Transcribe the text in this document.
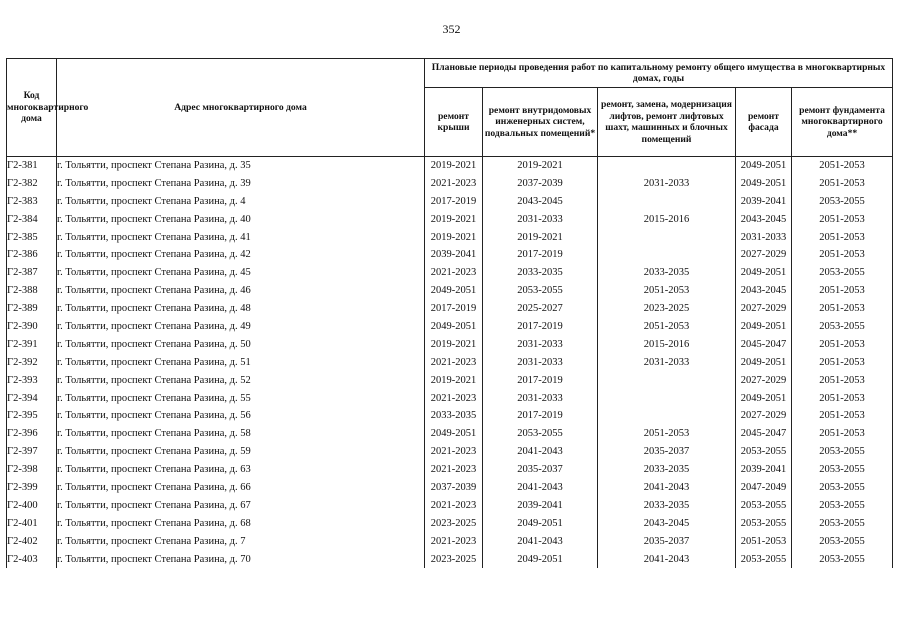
352
Код многоквартирного дома	Адрес многоквартирного дома	Плановые периоды проведения работ по капитальному ремонту общего имущества в многоквартирных домах, годы				
		ремонт крыши	ремонт внутридомовых инженерных систем, подвальных помещений*	ремонт, замена, модернизация лифтов, ремонт лифтовых шахт, машинных и блочных помещений	ремонт фасада	ремонт фундамента многоквартирного дома**
Г2-381	г. Тольятти, проспект Степана Разина, д. 35	2019-2021	2019-2021		2049-2051	2051-2053
Г2-382	г. Тольятти, проспект Степана Разина, д. 39	2021-2023	2037-2039	2031-2033	2049-2051	2051-2053
Г2-383	г. Тольятти, проспект Степана Разина, д. 4	2017-2019	2043-2045		2039-2041	2053-2055
Г2-384	г. Тольятти, проспект Степана Разина, д. 40	2019-2021	2031-2033	2015-2016	2043-2045	2051-2053
Г2-385	г. Тольятти, проспект Степана Разина, д. 41	2019-2021	2019-2021		2031-2033	2051-2053
Г2-386	г. Тольятти, проспект Степана Разина, д. 42	2039-2041	2017-2019		2027-2029	2051-2053
Г2-387	г. Тольятти, проспект Степана Разина, д. 45	2021-2023	2033-2035	2033-2035	2049-2051	2053-2055
Г2-388	г. Тольятти, проспект Степана Разина, д. 46	2049-2051	2053-2055	2051-2053	2043-2045	2051-2053
Г2-389	г. Тольятти, проспект Степана Разина, д. 48	2017-2019	2025-2027	2023-2025	2027-2029	2051-2053
Г2-390	г. Тольятти, проспект Степана Разина, д. 49	2049-2051	2017-2019	2051-2053	2049-2051	2053-2055
Г2-391	г. Тольятти, проспект Степана Разина, д. 50	2019-2021	2031-2033	2015-2016	2045-2047	2051-2053
Г2-392	г. Тольятти, проспект Степана Разина, д. 51	2021-2023	2031-2033	2031-2033	2049-2051	2051-2053
Г2-393	г. Тольятти, проспект Степана Разина, д. 52	2019-2021	2017-2019		2027-2029	2051-2053
Г2-394	г. Тольятти, проспект Степана Разина, д. 55	2021-2023	2031-2033		2049-2051	2051-2053
Г2-395	г. Тольятти, проспект Степана Разина, д. 56	2033-2035	2017-2019		2027-2029	2051-2053
Г2-396	г. Тольятти, проспект Степана Разина, д. 58	2049-2051	2053-2055	2051-2053	2045-2047	2051-2053
Г2-397	г. Тольятти, проспект Степана Разина, д. 59	2021-2023	2041-2043	2035-2037	2053-2055	2053-2055
Г2-398	г. Тольятти, проспект Степана Разина, д. 63	2021-2023	2035-2037	2033-2035	2039-2041	2053-2055
Г2-399	г. Тольятти, проспект Степана Разина, д. 66	2037-2039	2041-2043	2041-2043	2047-2049	2053-2055
Г2-400	г. Тольятти, проспект Степана Разина, д. 67	2021-2023	2039-2041	2033-2035	2053-2055	2053-2055
Г2-401	г. Тольятти, проспект Степана Разина, д. 68	2023-2025	2049-2051	2043-2045	2053-2055	2053-2055
Г2-402	г. Тольятти, проспект Степана Разина, д. 7	2021-2023	2041-2043	2035-2037	2051-2053	2053-2055
Г2-403	г. Тольятти, проспект Степана Разина, д. 70	2023-2025	2049-2051	2041-2043	2053-2055	2053-2055
